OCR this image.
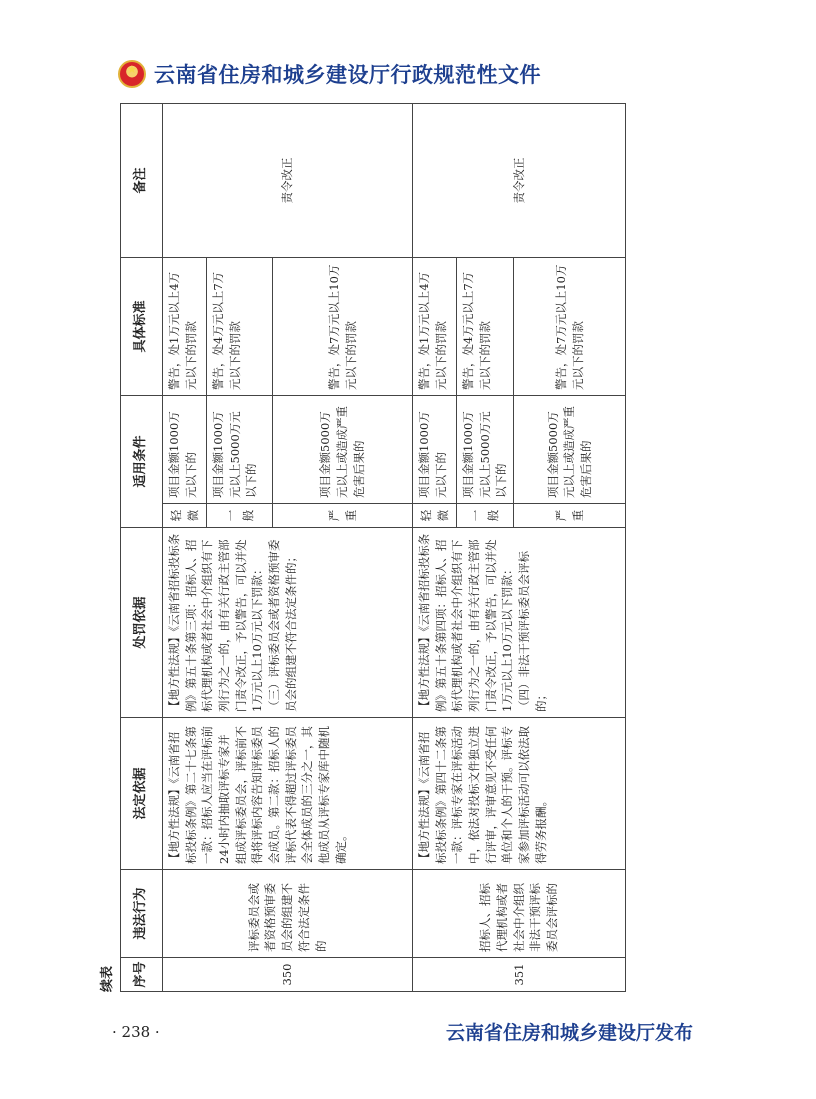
★
云南省住房和城乡建设厅行政规范性文件
续表	序号	违法行为	法定依据	处罚依据	适用条件		具体标准	备注
350	评标委员会或者资格预审委员会的组建不符合法定条件的	【地方性法规】《云南省招标投标条例》第二十七条第一款：招标人应当在评标前24小时内抽取评标专家并组成评标委员会，评标前不得将评标内容告知评标委员会成员。第二款：招标人的评标代表不得超过评标委员会全体成员的三分之一，其他成员从评标专家库中随机确定。	【地方性法规】《云南省招标投标条例》第五十条第三项：招标人、招标代理机构或者社会中介组织有下列行为之一的，由有关行政主管部门责令改正，予以警告，可以并处1万元以上10万元以下罚款： （三）评标委员会或者资格预审委员会的组建不符合法定条件的；	轻微	项目金额1000万元以下的	警告，处1万元以上4万元以下的罚款	责令改正
				一般	项目金额1000万元以上5000万元以下的	警告，处4万元以上7万元以下的罚款	
				严重	项目金额5000万元以上或造成严重危害后果的	警告，处7万元以上10万元以下的罚款	
351	招标人、招标代理机构或者社会中介组织非法干预评标委员会评标的	【地方性法规】《云南省招标投标条例》第四十二条第一款：评标专家在评标活动中，依法对投标文件独立进行评审，评审意见不受任何单位和个人的干预。评标专家参加评标活动可以依法取得劳务报酬。	【地方性法规】《云南省招标投标条例》第五十条第四项：招标人、招标代理机构或者社会中介组织有下列行为之一的，由有关行政主管部门责令改正，予以警告，可以并处1万元以上10万元以下罚款： （四）非法干预评标委员会评标的；	轻微	项目金额1000万元以下的	警告，处1万元以上4万元以下的罚款	责令改正
				一般	项目金额1000万元以上5000万元以下的	警告，处4万元以上7万元以下的罚款	
				严重	项目金额5000万元以上或造成严重危害后果的	警告，处7万元以上10万元以下的罚款	
· 238 ·	云南省住房和城乡建设厅发布
